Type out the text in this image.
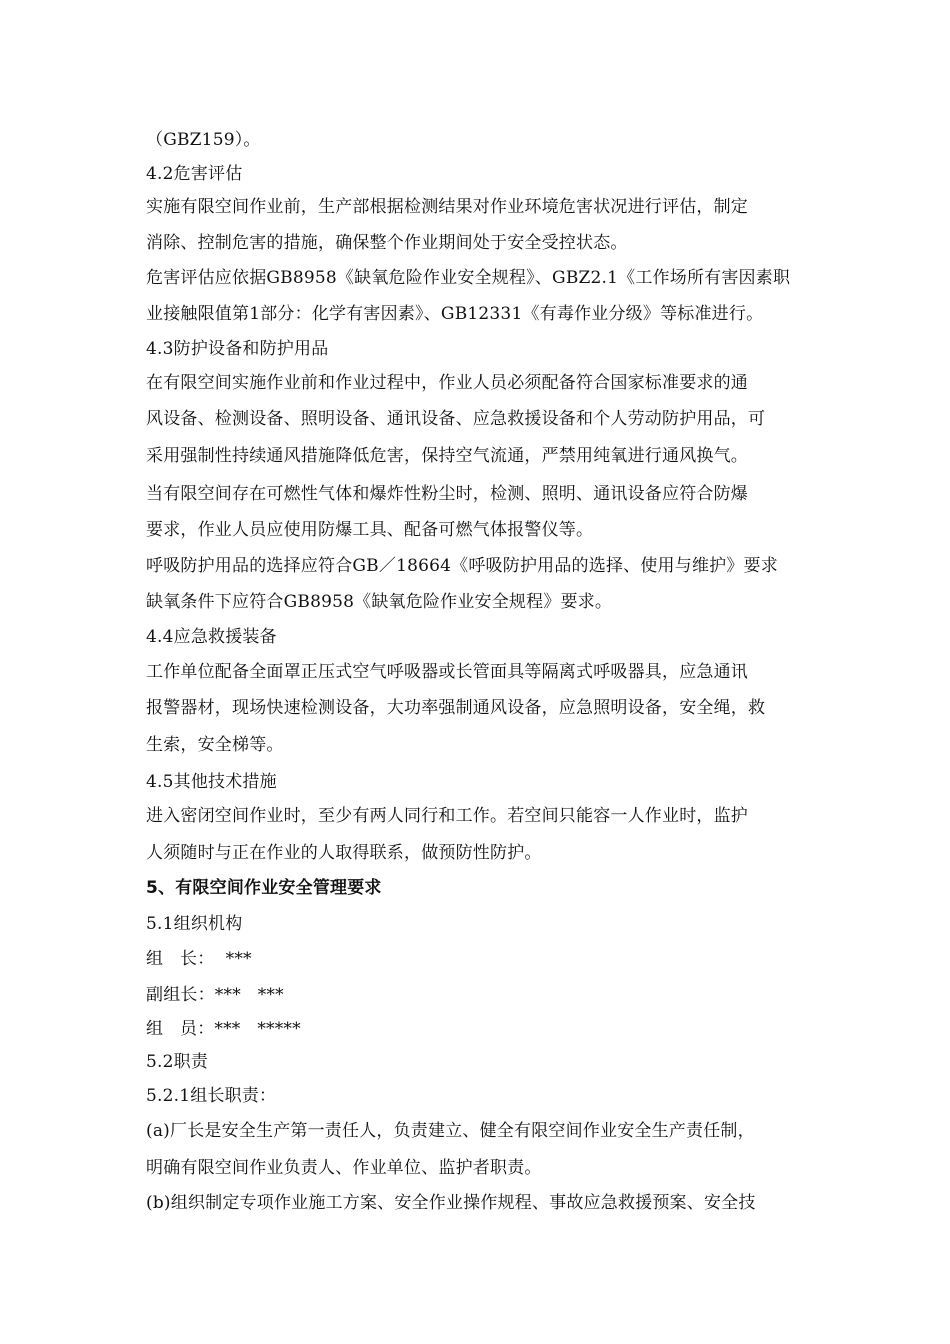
（GBZ159）。
4.2危害评估
实施有限空间作业前，生产部根据检测结果对作业环境危害状况进行评估，制定
消除、控制危害的措施，确保整个作业期间处于安全受控状态。
危害评估应依据GB8958《缺氧危险作业安全规程》、GBZ2.1《工作场所有害因素职
业接触限值第1部分：化学有害因素》、GB12331《有毒作业分级》等标准进行。
4.3防护设备和防护用品
在有限空间实施作业前和作业过程中，作业人员必须配备符合国家标准要求的通
风设备、检测设备、照明设备、通讯设备、应急救援设备和个人劳动防护用品，可
采用强制性持续通风措施降低危害，保持空气流通，严禁用纯氧进行通风换气。
当有限空间存在可燃性气体和爆炸性粉尘时，检测、照明、通讯设备应符合防爆
要求，作业人员应使用防爆工具、配备可燃气体报警仪等。
呼吸防护用品的选择应符合GB／18664《呼吸防护用品的选择、使用与维护》要求
缺氧条件下应符合GB8958《缺氧危险作业安全规程》要求。
4.4应急救援装备
工作单位配备全面罩正压式空气呼吸器或长管面具等隔离式呼吸器具，应急通讯
报警器材，现场快速检测设备，大功率强制通风设备，应急照明设备，安全绳，救
生索，安全梯等。
4.5其他技术措施
进入密闭空间作业时，至少有两人同行和工作。若空间只能容一人作业时，监护
人须随时与正在作业的人取得联系，做预防性防护。
5、有限空间作业安全管理要求
5.1组织机构
组   长：  ***
副组长：***   ***
组   员：***   *****
5.2职责
5.2.1组长职责：
(a)厂长是安全生产第一责任人，负责建立、健全有限空间作业安全生产责任制，
明确有限空间作业负责人、作业单位、监护者职责。
(b)组织制定专项作业施工方案、安全作业操作规程、事故应急救援预案、安全技
